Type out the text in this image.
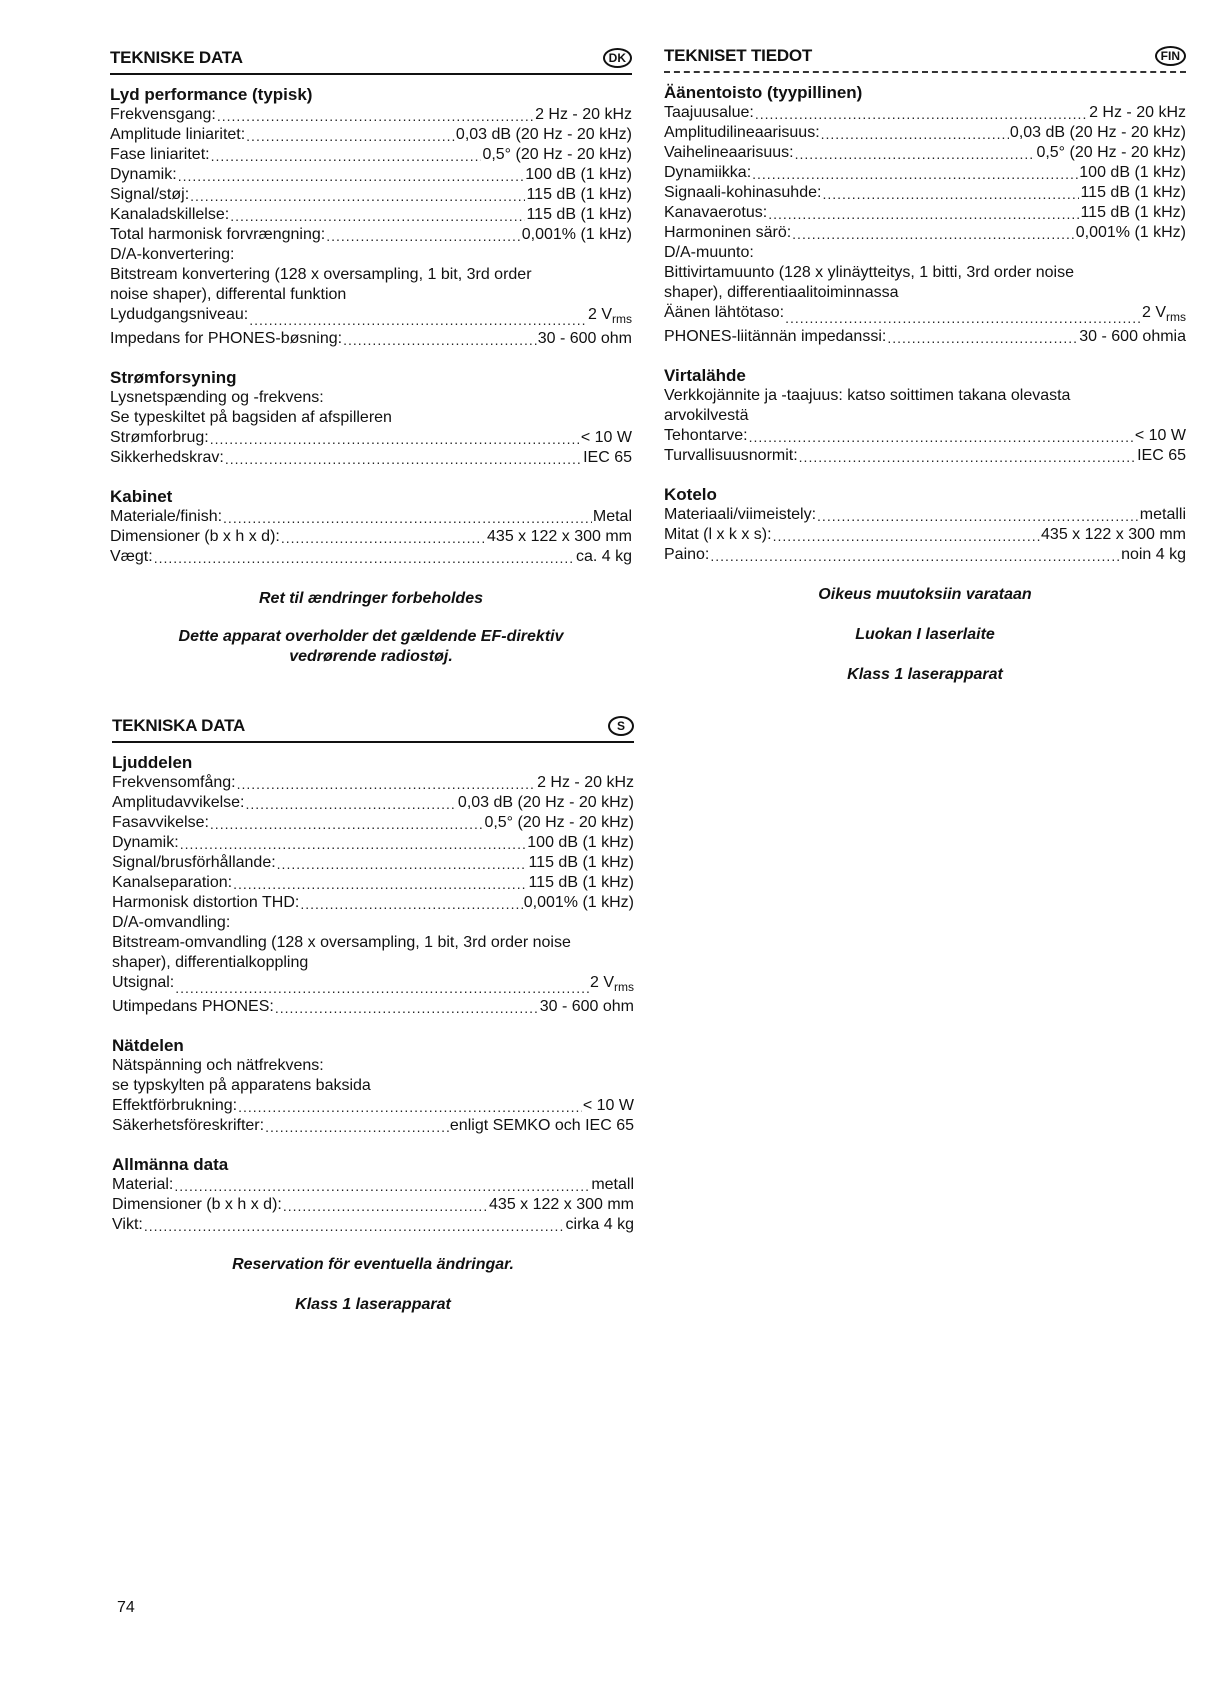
TEKNISKE DATA	DK
Lyd performance (typisk)
Frekvensgang: .....	2 Hz - 20 kHz
Amplitude liniaritet: .....	0,03 dB (20 Hz - 20 kHz)
Fase liniaritet: .....	0,5° (20 Hz - 20 kHz)
Dynamik: .....	100 dB (1 kHz)
Signal/støj: .....	115 dB (1 kHz)
Kanaladskillelse: .....	115 dB (1 kHz)
Total harmonisk forvrængning: .....	0,001% (1 kHz)
D/A-konvertering:
Bitstream konvertering (128 x oversampling, 1 bit, 3rd order
noise shaper), differental funktion
Lydudgangsniveau: .....	2 $V_{rms}$
Impedans for PHONES-bøsning: .....	30 - 600 ohm
Strømforsyning
Lysnetspænding og -frekvens:
Se typeskiltet på bagsiden af afspilleren
Strømforbrug: .....	< 10 W
Sikkerhedskrav: .....	IEC 65
Kabinet
Materiale/finish: .....	Metal
Dimensioner (b x h x d): .....	435 x 122 x 300 mm
Vægt: .....	ca. 4 kg
Ret til ændringer forbeholdes
Dette apparat overholder det gældende EF-direktiv
vedrørende radiostøj.
TEKNISET TIEDOT	FIN
Äänentoisto (tyypillinen)
Taajuusalue: .....	2 Hz - 20 kHz
Amplitudilineaarisuus: .....	0,03 dB (20 Hz - 20 kHz)
Vaihelineaarisuus: .....	0,5° (20 Hz - 20 kHz)
Dynamiikka: .....	100 dB (1 kHz)
Signaali-kohinasuhde: .....	115 dB (1 kHz)
Kanavaerotus: .....	115 dB (1 kHz)
Harmoninen särö: .....	0,001% (1 kHz)
D/A-muunto:
Bittivirtamuunto (128 x ylinäytteitys, 1 bitti, 3rd order noise
shaper), differentiaalitoiminnassa
Äänen lähtötaso: .....	2 $V_{rms}$
PHONES-liitännän impedanssi: .....	30 - 600 ohmia
Virtalähde
Verkkojännite ja -taajuus: katso soittimen takana olevasta
arvokilvestä
Tehontarve: .....	< 10 W
Turvallisuusnormit: .....	IEC 65
Kotelo
Materiaali/viimeistely: .....	metalli
Mitat (l x k x s): .....	435 x 122 x 300 mm
Paino: .....	noin 4 kg
Oikeus muutoksiin varataan
Luokan I laserlaite
Klass 1 laserapparat
TEKNISKA DATA	S
Ljuddelen
Frekvensomfång: .....	2 Hz - 20 kHz
Amplitudavvikelse: .....	0,03 dB (20 Hz - 20 kHz)
Fasavvikelse: .....	0,5° (20 Hz - 20 kHz)
Dynamik: .....	100 dB (1 kHz)
Signal/brusförhållande: .....	115 dB (1 kHz)
Kanalseparation: .....	115 dB (1 kHz)
Harmonisk distortion THD: .....	0,001% (1 kHz)
D/A-omvandling:
Bitstream-omvandling (128 x oversampling, 1 bit, 3rd order noise
shaper), differentialkoppling
Utsignal: .....	2 $V_{rms}$
Utimpedans PHONES: .....	30 - 600 ohm
Nätdelen
Nätspänning och nätfrekvens:
se typskylten på apparatens baksida
Effektförbrukning: .....	< 10 W
Säkerhetsföreskrifter: .....	enligt SEMKO och IEC 65
Allmänna data
Material: .....	metall
Dimensioner (b x h x d): .....	435 x 122 x 300 mm
Vikt: .....	cirka 4 kg
Reservation för eventuella ändringar.
Klass 1 laserapparat
74
